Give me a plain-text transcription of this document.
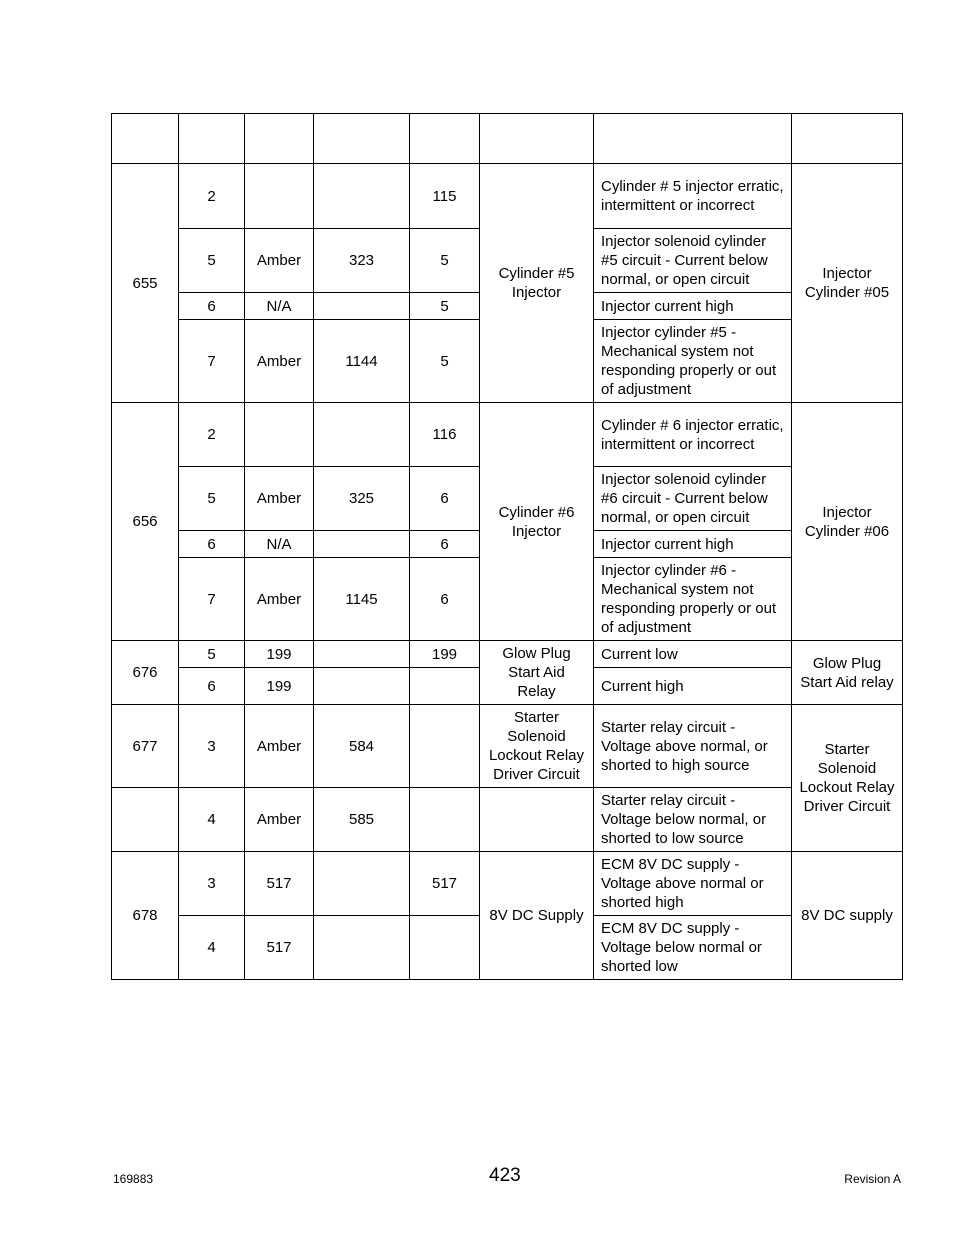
655	2			115	Cylinder #5 Injector	Cylinder # 5 injector erratic, intermittent or incorrect	Injector Cylinder #05
	5	Amber	323	5		Injector solenoid cylinder #5 circuit - Current below normal, or open circuit	
	6	N/A		5		Injector current high	
	7	Amber	1144	5		Injector cylinder #5 - Mechanical system not responding properly or out of adjustment	
656	2			116	Cylinder #6 Injector	Cylinder # 6 injector erratic, intermittent or incorrect	Injector Cylinder #06
	5	Amber	325	6		Injector solenoid cylinder #6 circuit - Current below normal, or open circuit	
	6	N/A		6		Injector current high	
	7	Amber	1145	6		Injector cylinder #6 - Mechanical system not responding properly or out of adjustment	
676	5	199		199	Glow Plug Start Aid Relay	Current low	Glow Plug Start Aid relay
	6	199				Current high	
677	3	Amber	584		Starter Solenoid Lockout Relay Driver Circuit	Starter relay circuit - Voltage above normal, or shorted to high source	Starter Solenoid Lockout Relay Driver Circuit
	4	Amber	585			Starter relay circuit - Voltage below normal, or shorted to low source	
678	3	517		517	8V DC Supply	ECM 8V DC supply - Voltage above normal or shorted high	8V DC supply
	4	517				ECM 8V DC supply - Voltage below normal or shorted low	
169883	423	Revision A
